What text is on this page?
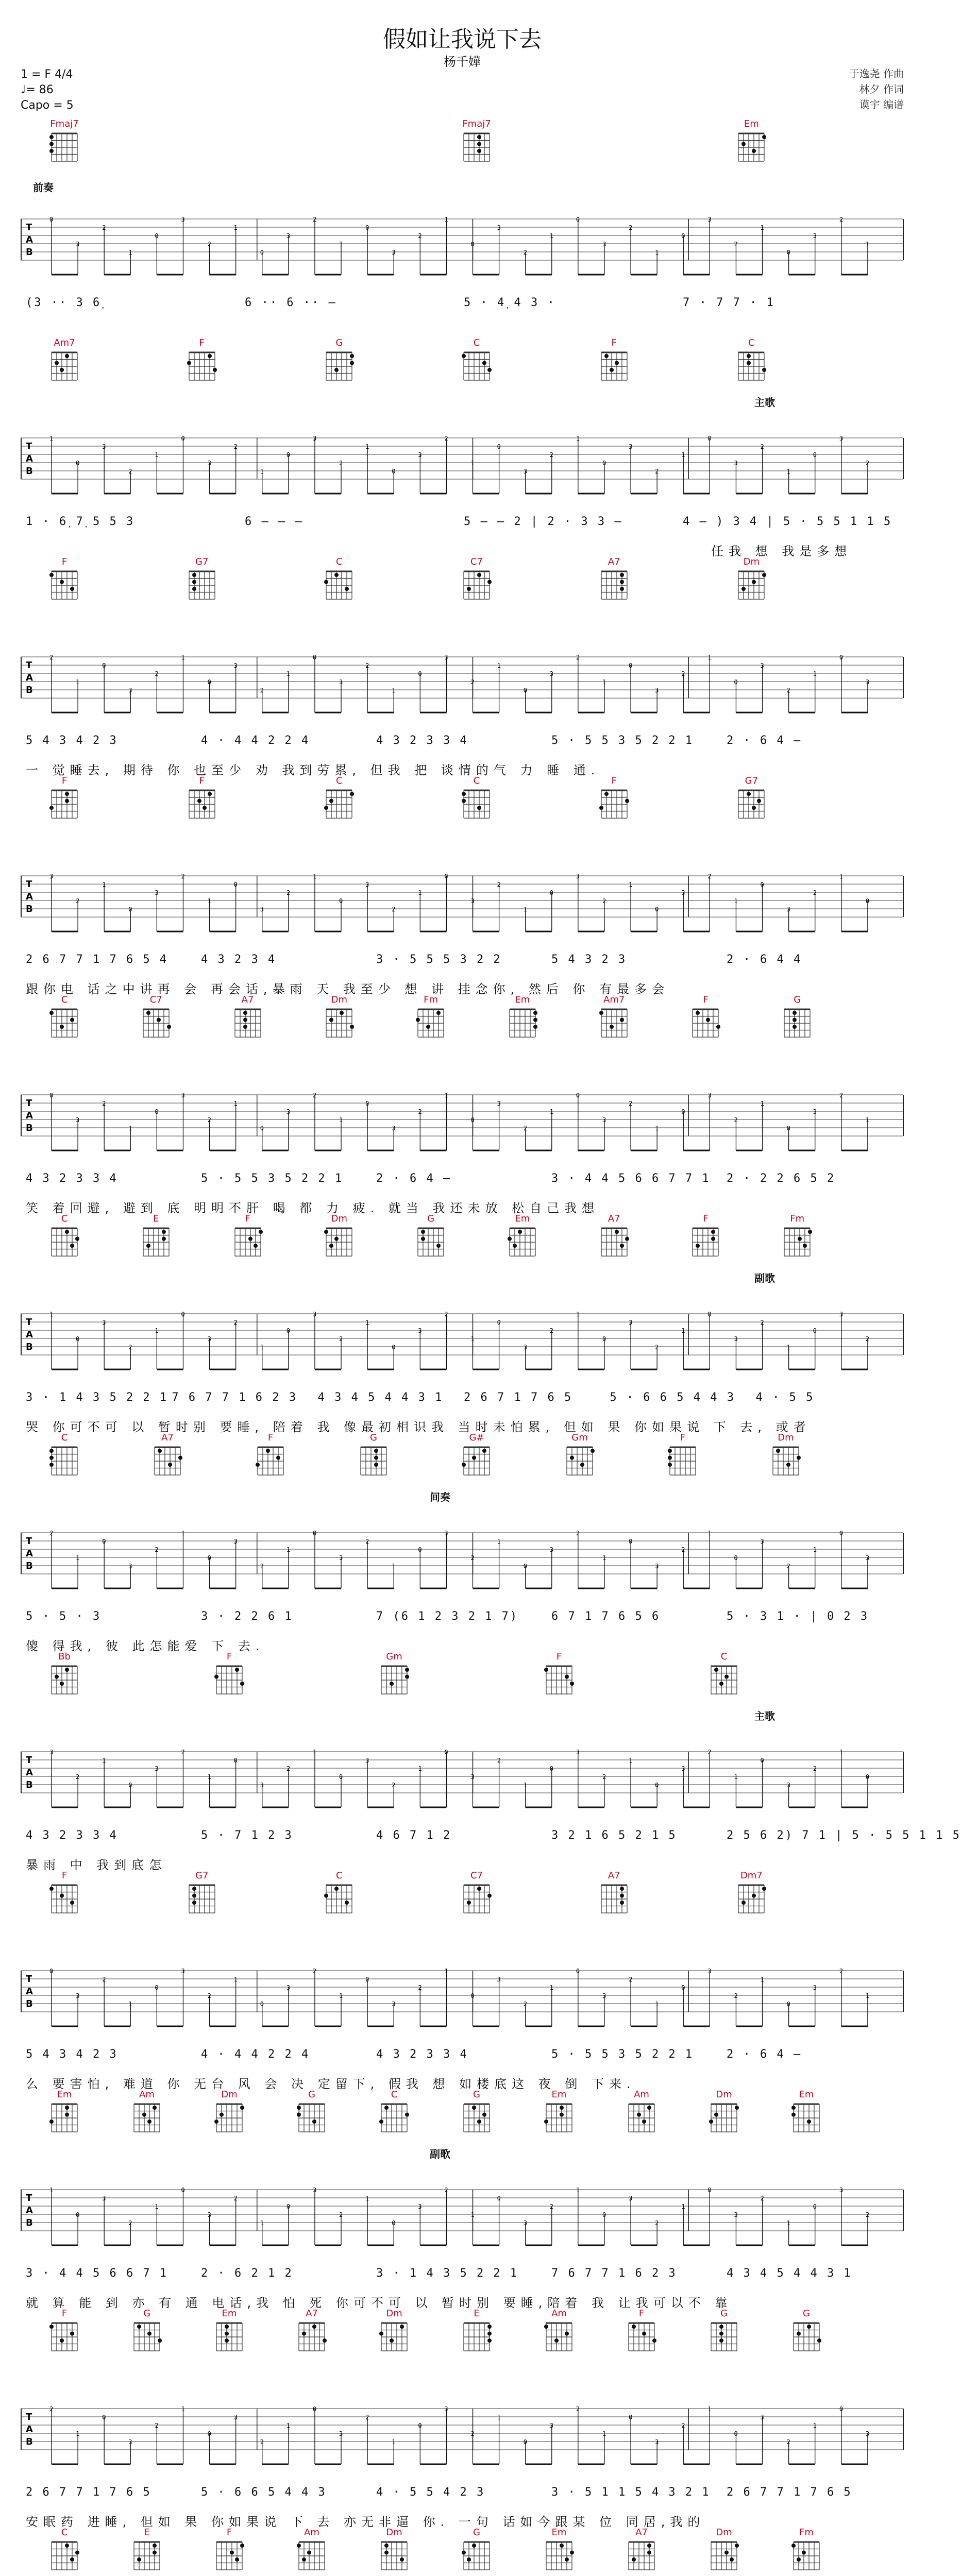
假如让我说下去
杨千嬅
1 = F 4/4
♩= 86
Capo = 5
于逸尧 作曲
林夕 作词
谟宇 编谱
Fmaj7	Fmaj7	Em
前奏
T
A
B
0
3
2
1
0
3
2
1
0
3
2
1
0
3
2
1
0
3
2
1
0
3
2
1
0
3
2
1
0
3
2
1
(3 ·· 3 6̣	6 ·· 6 ·· –	5 · 4̣ 4 3 ·	7 · 7 7 · 1
Am7	F	G	C	F	C
主歌
T
A
B
1
0
3
2
1
0
3
2
1
0
3
2
1
0
3
2
1
0
3
2
1
0
3
2
1
0
3
2
1
0
3
2
1 · 6̣ 7̣ 5 5 3	6 – – –	5 – – 2 | 2 · 3 3 –	4 – ) 3 4 | 5 · 5 5 1 1 5
任我 想 我是多想
F	G7	C	C7	A7	Dm
T
A
B
2
1
0
3
2
1
0
3
2
1
0
3
2
1
0
3
2
1
0
3
2
1
0
3
2
1
0
3
2
1
0
3
5 4 3 4 2 3	4 · 4 4 2 2 4	4 3 2 3 3 4	5 · 5 5 3 5 2 2 1	2 · 6 4 –
一 觉睡去, 期待 你 也至少 劝 我到劳累, 但我 把 谈情的气 力 睡 通.
F	F	C	C	F	G7
T
A
B
3
2
1
0
3
2
1
0
3
2
1
0
3
2
1
0
3
2
1
0
3
2
1
0
3
2
1
0
3
2
1
0
2 6 7 7 1 7 6 5 4	4 3 2 3 4	3 · 5 5 5 3 2 2	5 4 3 2 3	2 · 6 4 4
跟你电 话之中讲再 会 再会话,暴雨 天 我至少 想 讲 挂念你, 然后 你 有最多会
C	C7	A7	Dm	Fm	Em	Am7	F	G
T
A
B
0
3
2
1
0
3
2
1
0
3
2
1
0
3
2
1
0
3
2
1
0
3
2
1
0
3
2
1
0
3
2
1
4 3 2 3 3 4	5 · 5 5 3 5 2 2 1	2 · 6 4 –	3 · 4 4 5 6 6 7 7 1 2 · 2 2 6 5 2
笑 着回避, 避到 底 明明不肝 喝 都 力 疲. 就当 我还未放 松自己我想
C	E	F	Dm	G	Em	A7	F	Fm
副歌
T
A
B
1
0
3
2
1
0
3
2
1
0
3
2
1
0
3
2
1
0
3
2
1
0
3
2
1
0
3
2
1
0
3
2
3 · 1 4 3 5 2 2 1 7 6 7 7 1 6 2 3 4 3 4 5 4 4 3 1 2 6 7 1 7 6 5	5 · 6 6 5 4 4 3 4 · 5 5
哭 你可不可 以 暂时别 要睡, 陪着 我 像最初相识我 当时未怕累, 但如 果 你如果说 下 去, 或者
C	A7	F	G	G#	Gm	F	Dm
间奏
T
A
B
2
1
0
3
2
1
0
3
2
1
0
3
2
1
0
3
2
1
0
3
2
1
0
3
2
1
0
3
2
1
0
3
5 · 5 · 3	3 · 2 2 6 1	7 (6 1 2 3 2 1 7)	6 7 1 7 6 5 6	5 · 3 1 · | 0 2 3
傻 得我, 彼 此怎能爱 下 去.
Bb	F	Gm	F	C
主歌
T
A
B
3
2
1
0
3
2
1
0
3
2
1
0
3
2
1
0
3
2
1
0
3
2
1
0
3
2
1
0
3
2
1
0
4 3 2 3 3 4	5 · 7 1 2 3	4 6 7 1 2	3 2 1 6 5 2 1 5	2 5 6 2) 7 1 | 5 · 5 5 1 1 5
暴雨 中 我到底怎
F	G7	C	C7	A7	Dm7
T
A
B
0
3
2
1
0
3
2
1
0
3
2
1
0
3
2
1
0
3
2
1
0
3
2
1
0
3
2
1
0
3
2
1
5 4 3 4 2 3	4 · 4 4 2 2 4	4 3 2 3 3 4	5 · 5 5 3 5 2 2 1	2 · 6 4 –
么 要害怕, 难道 你 无台 风 会 决 定留下, 假我 想 如楼底这 夜 倒 下来.
Em	Am	Dm	G	C	G	Em	Am	Dm	Em
副歌
T
A
B
1
0
3
2
1
0
3
2
1
0
3
2
1
0
3
2
1
0
3
2
1
0
3
2
1
0
3
2
1
0
3
2
3 · 4 4 5 6 6 7 1	2 · 6 2 1 2	3 · 1 4 3 5 2 2 1	7 6 7 7 1 6 2 3	4 3 4 5 4 4 3 1
就 算 能 到 亦 有 通 电话,我 怕 死 你可不可 以 暂时别 要睡,陪着 我 让我可以不 靠
F	G	Em	A7	Dm	E	Am	F	G	G
T
A
B
2
1
0
3
2
1
0
3
2
1
0
3
2
1
0
3
2
1
0
3
2
1
0
3
2
1
0
3
2
1
0
3
2 6 7 7 1 7 6 5	5 · 6 6 5 4 4 3	4 · 5 5 4 2 3	3 · 5 1 1 5 4 3 2 1 2 6 7 7 1 7 6 5
安眠药 进睡, 但如 果 你如果说 下 去 亦无非逼 你. 一句 话如今跟某 位 同居,我的
C	E	F	Am	Dm	G	Em	A7	Dm	Fm
